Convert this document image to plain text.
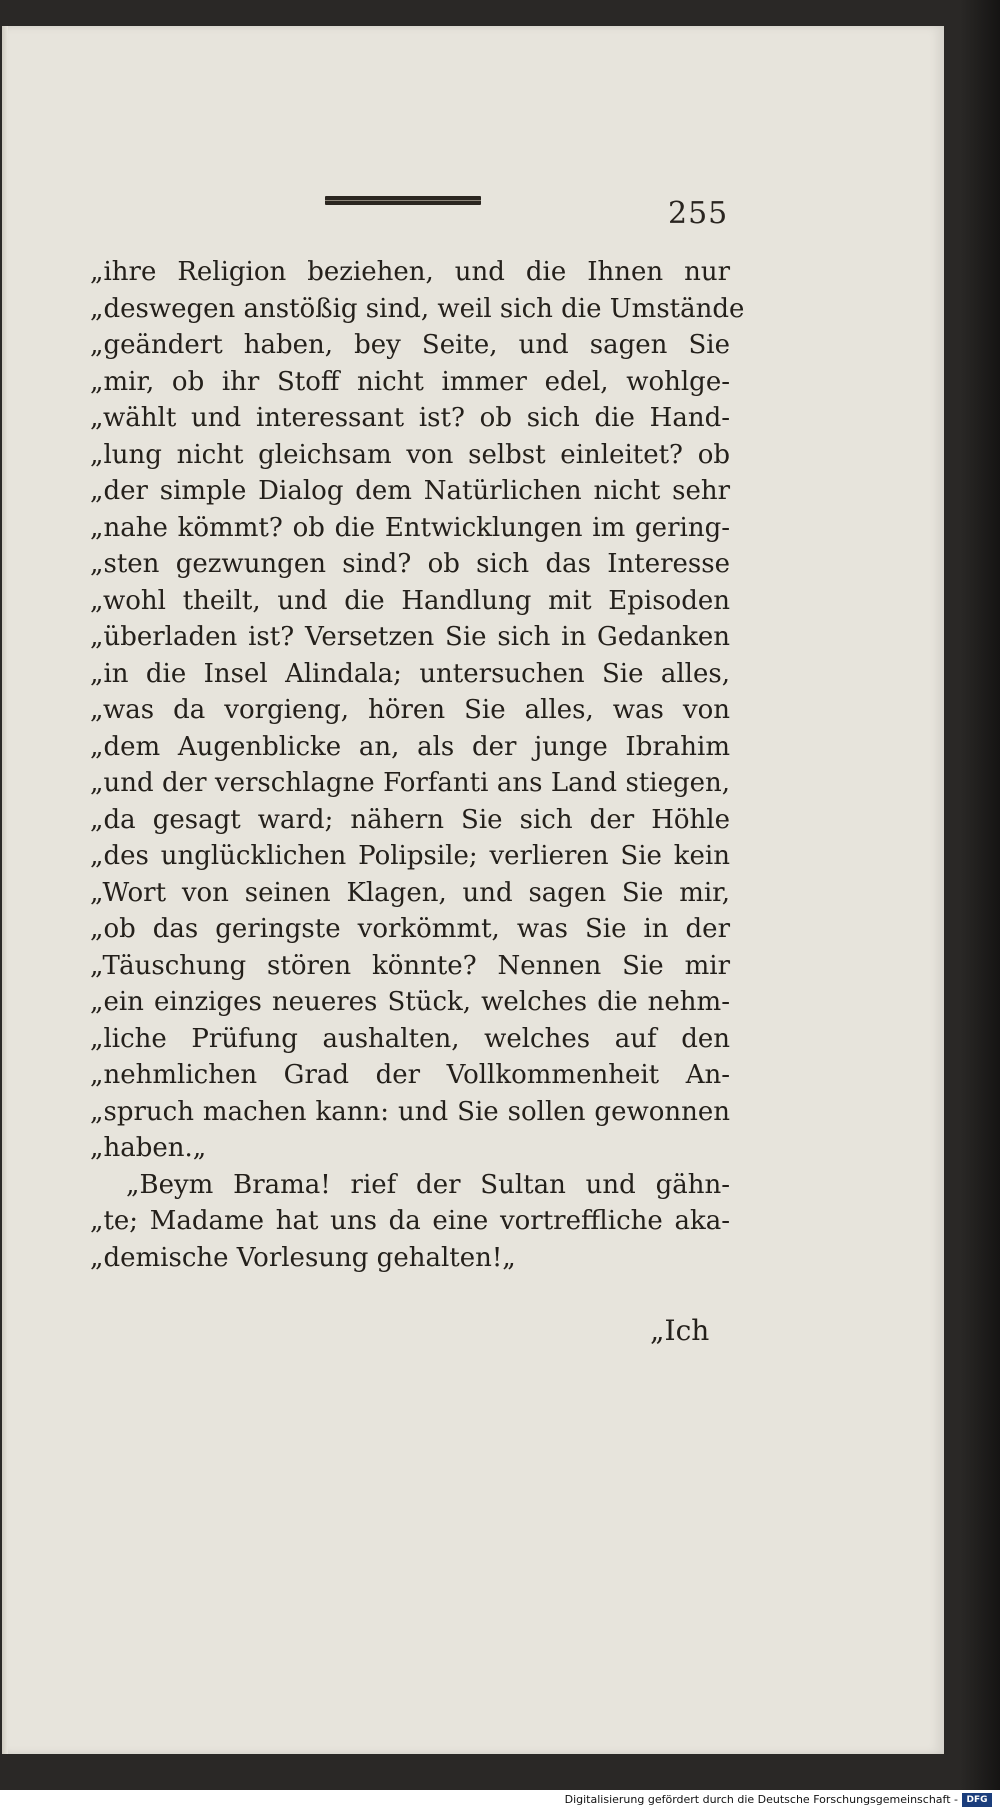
255
„ihre Religion beziehen, und die Ihnen nur
„deswegen anstößig sind, weil sich die Umstände
„geändert haben, bey Seite, und sagen Sie
„mir, ob ihr Stoff nicht immer edel, wohlge-
„wählt und interessant ist? ob sich die Hand-
„lung nicht gleichsam von selbst einleitet? ob
„der simple Dialog dem Natürlichen nicht sehr
„nahe kömmt? ob die Entwicklungen im gering-
„sten gezwungen sind? ob sich das Interesse
„wohl theilt, und die Handlung mit Episoden
„überladen ist? Versetzen Sie sich in Gedanken
„in die Insel Alindala; untersuchen Sie alles,
„was da vorgieng, hören Sie alles, was von
„dem Augenblicke an, als der junge Ibrahim
„und der verschlagne Forfanti ans Land stiegen,
„da gesagt ward; nähern Sie sich der Höhle
„des unglücklichen Polipsile; verlieren Sie kein
„Wort von seinen Klagen, und sagen Sie mir,
„ob das geringste vorkömmt, was Sie in der
„Täuschung stören könnte? Nennen Sie mir
„ein einziges neueres Stück, welches die nehm-
„liche Prüfung aushalten, welches auf den
„nehmlichen Grad der Vollkommenheit An-
„spruch machen kann: und Sie sollen gewonnen
„haben.„
„Beym Brama! rief der Sultan und gähn-
„te; Madame hat uns da eine vortreffliche aka-
„demische Vorlesung gehalten!„
„Ich
Digitalisierung gefördert durch die Deutsche Forschungsgemeinschaft - DFG
